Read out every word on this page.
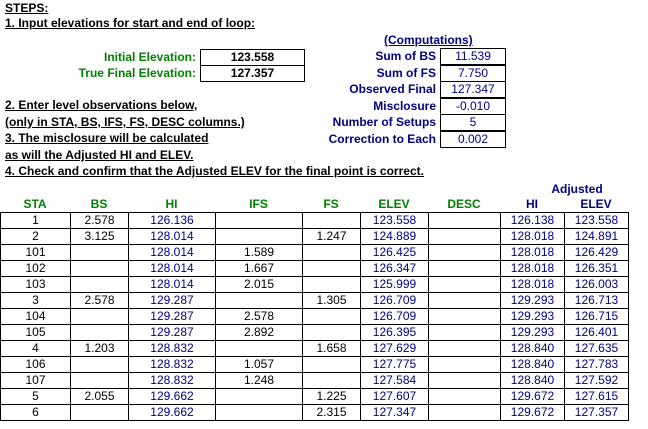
STEPS:
1. Input elevations for start and end of loop:
Initial Elevation:	123.558
True Final Elevation:	127.357
2. Enter level observations below,
(only in STA, BS, IFS, FS, DESC columns.)
3. The misclosure will be calculated
as will the Adjusted HI and ELEV.
4. Check and confirm that the Adjusted ELEV for the final point is correct.
(Computations)
Sum of BS	11.539
Sum of FS	7.750
Observed Final	127.347
Misclosure	-0.010
Number of Setups	5
Correction to Each	0.002
Adjusted
STA	BS	HI	IFS	FS	ELEV	DESC	HI	ELEV
1	2.578	126.136			123.558		126.138	123.558
2	3.125	128.014		1.247	124.889		128.018	124.891
101		128.014	1.589		126.425		128.018	126.429
102		128.014	1.667		126.347		128.018	126.351
103		128.014	2.015		125.999		128.018	126.003
3	2.578	129.287		1.305	126.709		129.293	126.713
104		129.287	2.578		126.709		129.293	126.715
105		129.287	2.892		126.395		129.293	126.401
4	1.203	128.832		1.658	127.629		128.840	127.635
106		128.832	1.057		127.775		128.840	127.783
107		128.832	1.248		127.584		128.840	127.592
5	2.055	129.662		1.225	127.607		129.672	127.615
6		129.662		2.315	127.347		129.672	127.357
